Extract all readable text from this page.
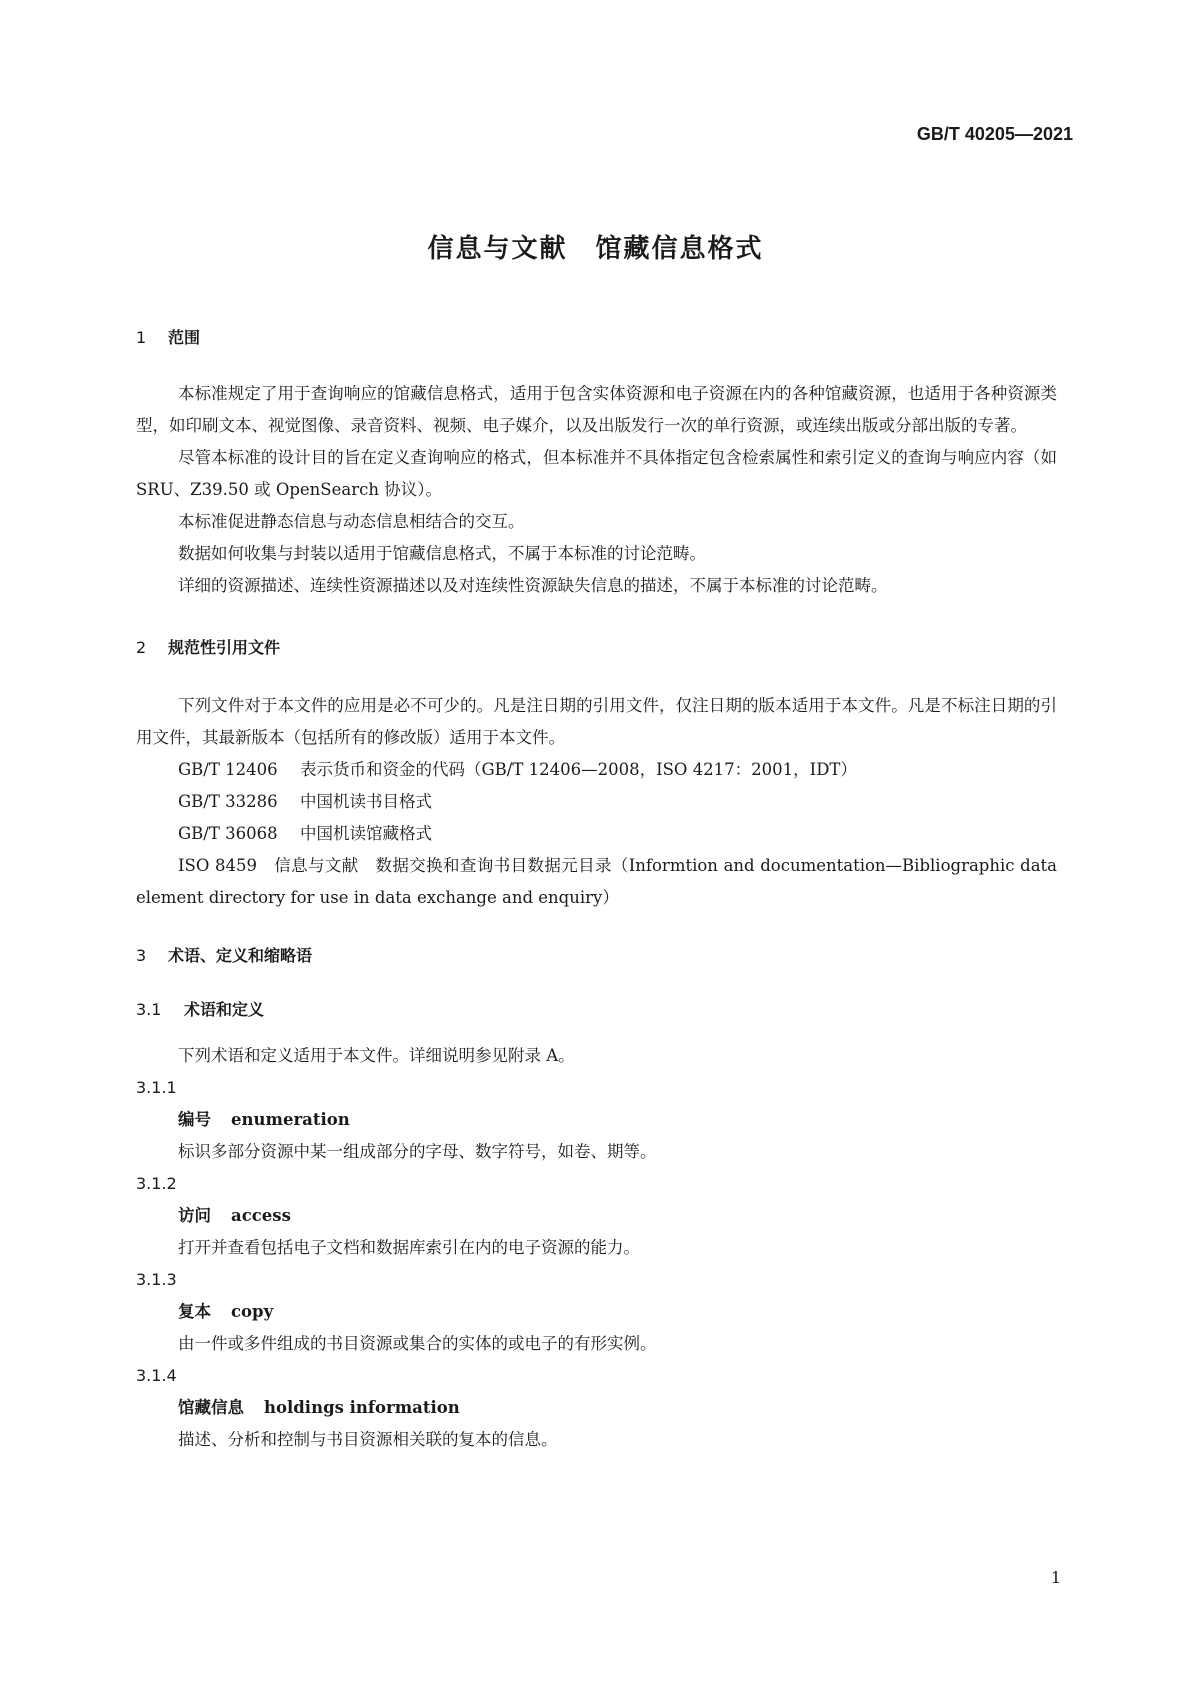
GB/T 40205—2021
信息与文献　馆藏信息格式
1 范围

本标准规定了用于查询响应的馆藏信息格式，适用于包含实体资源和电子资源在内的各种馆藏资源，也适用于各种资源类型，如印刷文本、视觉图像、录音资料、视频、电子媒介，以及出版发行一次的单行资源，或连续出版或分部出版的专著。

尽管本标准的设计目的旨在定义查询响应的格式，但本标准并不具体指定包含检索属性和索引定义的查询与响应内容（如 SRU、Z39.50 或 OpenSearch 协议）。

本标准促进静态信息与动态信息相结合的交互。

数据如何收集与封装以适用于馆藏信息格式，不属于本标准的讨论范畴。

详细的资源描述、连续性资源描述以及对连续性资源缺失信息的描述，不属于本标准的讨论范畴。

2 规范性引用文件

下列文件对于本文件的应用是必不可少的。凡是注日期的引用文件，仅注日期的版本适用于本文件。凡是不标注日期的引用文件，其最新版本（包括所有的修改版）适用于本文件。

GB/T 12406 表示货币和资金的代码（GB/T 12406—2008，ISO 4217：2001，IDT）
GB/T 33286 中国机读书目格式
GB/T 36068 中国机读馆藏格式

ISO 8459　信息与文献　数据交换和查询书目数据元目录（Informtion and documentation—Bibliographic data element directory for use in data exchange and enquiry）

3 术语、定义和缩略语
3.1 术语和定义

下列术语和定义适用于本文件。详细说明参见附录 A。

3.1.1
编号 enumeration
标识多部分资源中某一组成部分的字母、数字符号，如卷、期等。
3.1.2
访问 access
打开并查看包括电子文档和数据库索引在内的电子资源的能力。
3.1.3
复本 copy
由一件或多件组成的书目资源或集合的实体的或电子的有形实例。
3.1.4
馆藏信息 holdings information
描述、分析和控制与书目资源相关联的复本的信息。
1
